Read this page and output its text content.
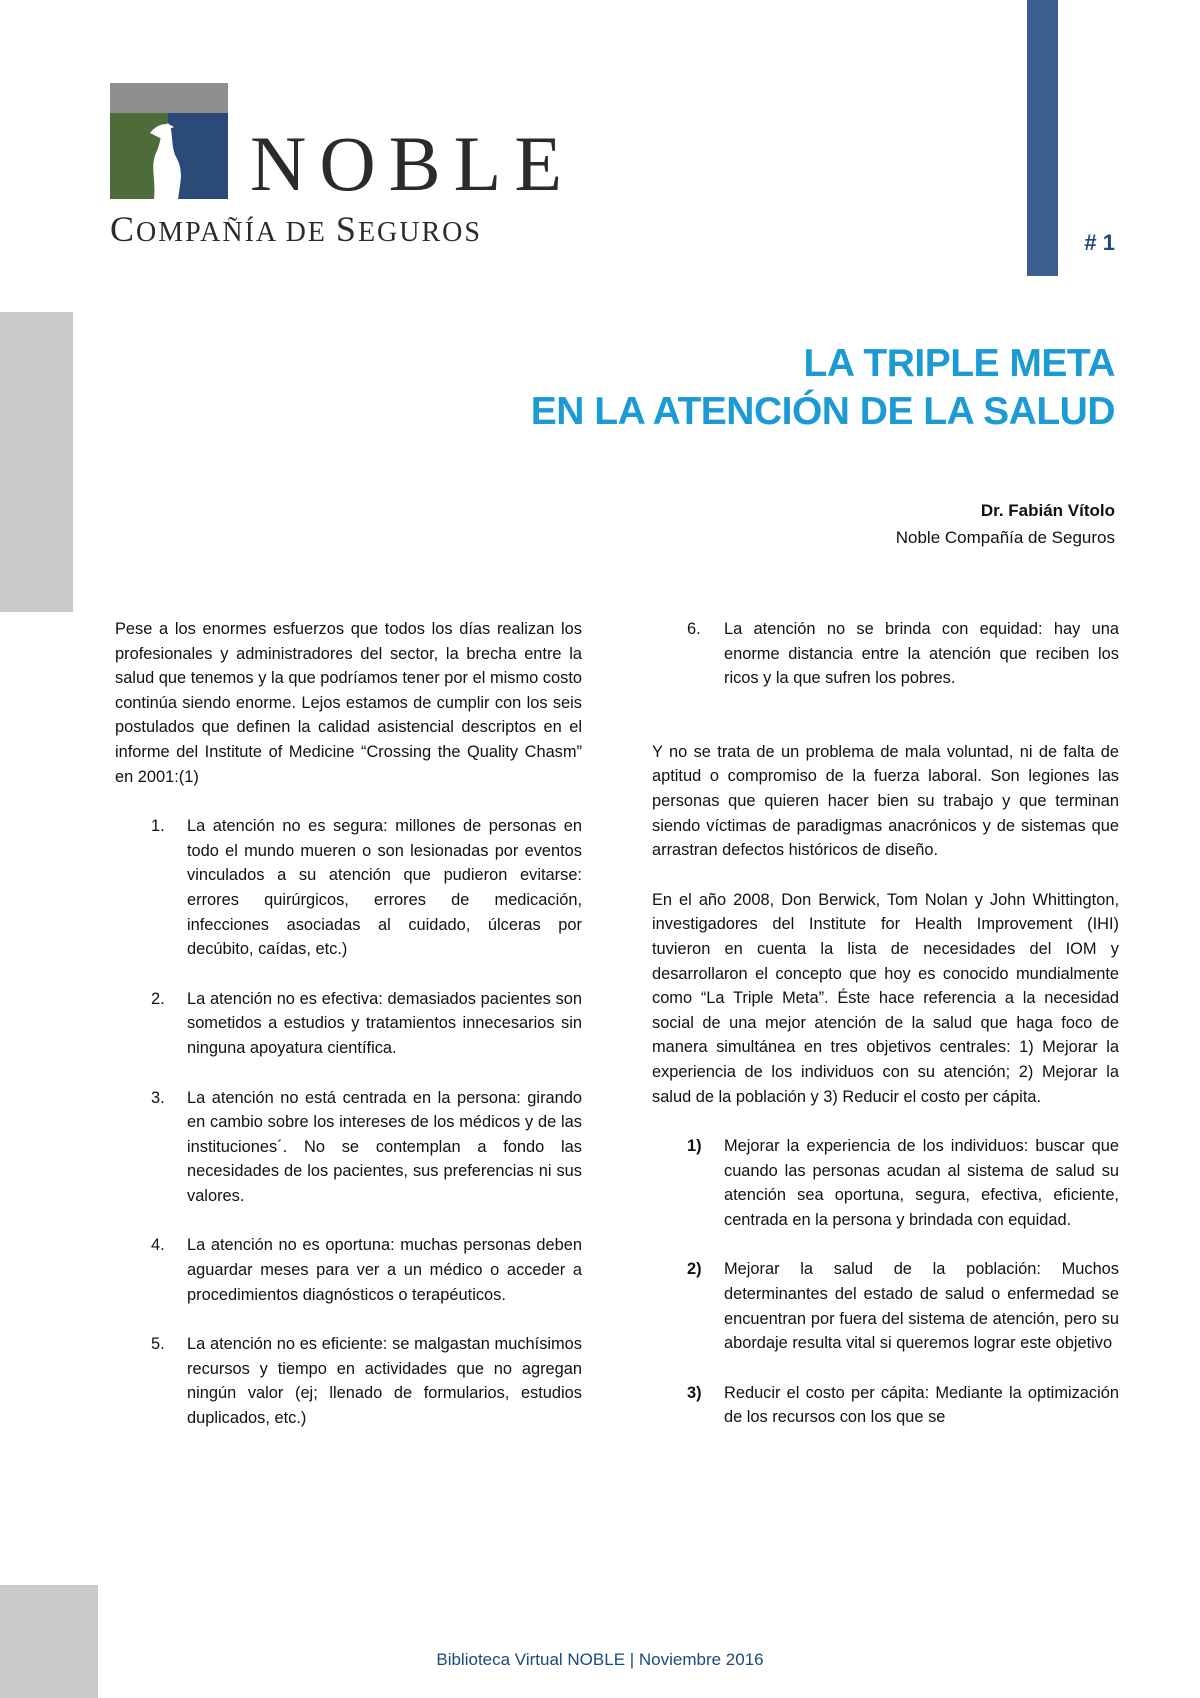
NOBLE
COMPAÑÍA DE SEGUROS	# 1
LA TRIPLE META
EN LA ATENCIÓN DE LA SALUD
Dr. Fabián Vítolo
Noble Compañía de Seguros

Pese a los enormes esfuerzos que todos los días realizan los profesionales y administradores del sector, la brecha entre la salud que tenemos y la que podríamos tener por el mismo costo continúa siendo enorme. Lejos estamos de cumplir con los seis postulados que definen la calidad asistencial descriptos en el informe del Institute of Medicine “Crossing the Quality Chasm” en 2001:(1)

1. La atención no es segura: millones de personas en todo el mundo mueren o son lesionadas por eventos vinculados a su atención que pudieron evitarse: errores quirúrgicos, errores de medicación, infecciones asociadas al cuidado, úlceras por decúbito, caídas, etc.)
2. La atención no es efectiva: demasiados pacientes son sometidos a estudios y tratamientos innecesarios sin ninguna apoyatura científica.
3. La atención no está centrada en la persona: girando en cambio sobre los intereses de los médicos y de las instituciones´. No se contemplan a fondo las necesidades de los pacientes, sus preferencias ni sus valores.
4. La atención no es oportuna: muchas personas deben aguardar meses para ver a un médico o acceder a procedimientos diagnósticos o terapéuticos.
5. La atención no es eficiente: se malgastan muchísimos recursos y tiempo en actividades que no agregan ningún valor (ej; llenado de formularios, estudios duplicados, etc.)
6. La atención no se brinda con equidad: hay una enorme distancia entre la atención que reciben los ricos y la que sufren los pobres.

Y no se trata de un problema de mala voluntad, ni de falta de aptitud o compromiso de la fuerza laboral. Son legiones las personas que quieren hacer bien su trabajo y que terminan siendo víctimas de paradigmas anacrónicos y de sistemas que arrastran defectos históricos de diseño.

En el año 2008, Don Berwick, Tom Nolan y John Whittington, investigadores del Institute for Health Improvement (IHI) tuvieron en cuenta la lista de necesidades del IOM y desarrollaron el concepto que hoy es conocido mundialmente como “La Triple Meta”. Éste hace referencia a la necesidad social de una mejor atención de la salud que haga foco de manera simultánea en tres objetivos centrales: 1) Mejorar la experiencia de los individuos con su atención; 2) Mejorar la salud de la población y 3) Reducir el costo per cápita.

1) Mejorar la experiencia de los individuos: buscar que cuando las personas acudan al sistema de salud su atención sea oportuna, segura, efectiva, eficiente, centrada en la persona y brindada con equidad.
2) Mejorar la salud de la población: Muchos determinantes del estado de salud o enfermedad se encuentran por fuera del sistema de atención, pero su abordaje resulta vital si queremos lograr este objetivo
3) Reducir el costo per cápita: Mediante la optimización de los recursos con los que se
Biblioteca Virtual NOBLE | Noviembre 2016
